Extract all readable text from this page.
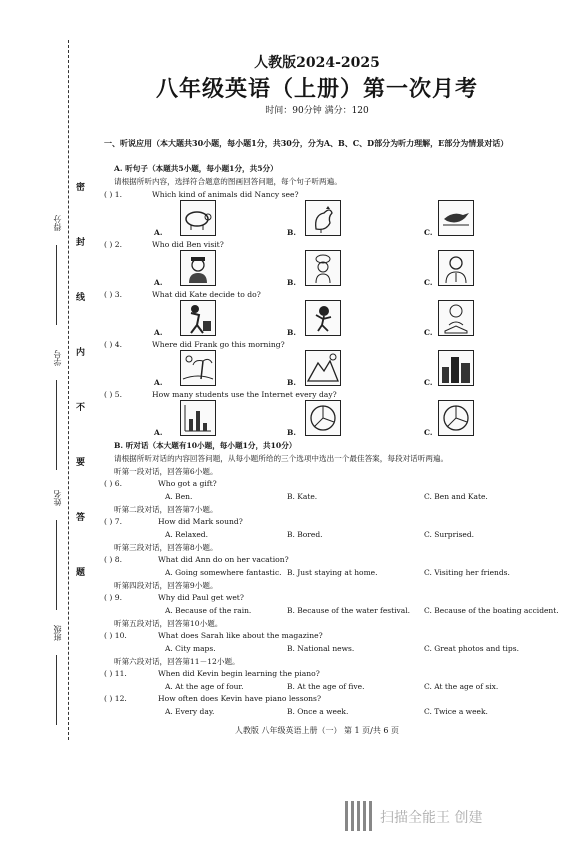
得分
学号
姓名
班级
密
封
线
内
不
要
答
题
人教版2024-2025
八年级英语（上册）第一次月考
时间：90分钟 满分：120
一、听说应用（本大题共30小题，每小题1分，共30分，分为A、B、C、D部分为听力理解，E部分为情景对话）
A. 听句子（本题共5小题，每小题1分，共5分）
请根据所听内容，选择符合题意的图画回答问题，每个句子听两遍。
( ) 1.	Which kind of animals did Nancy see?
A.	B.	C.
( ) 2.	Who did Ben visit?
A.	B.	C.
( ) 3.	What did Kate decide to do?
A.	B.	C.
( ) 4.	Where did Frank go this morning?
A.	B.	C.
( ) 5.	How many students use the Internet every day?
A.	B.	C.
B. 听对话（本大题有10小题，每小题1分，共10分）
请根据所听对话的内容回答问题，从每小题所给的三个选项中选出一个最佳答案，每段对话听两遍。
听第一段对话，回答第6小题。
( ) 6.	Who got a gift?
A. Ben.	B. Kate.	C. Ben and Kate.
听第二段对话，回答第7小题。
( ) 7.	How did Mark sound?
A. Relaxed.	B. Bored.	C. Surprised.
听第三段对话，回答第8小题。
( ) 8.	What did Ann do on her vacation?
A. Going somewhere fantastic. B. Just staying at home.	C. Visiting her friends.
听第四段对话，回答第9小题。
( ) 9.	Why did Paul get wet?
A. Because of the rain.	B. Because of the water festival. C. Because of the boating accident.
听第五段对话，回答第10小题。
( ) 10.	What does Sarah like about the magazine?
A. City maps.	B. National news.	C. Great photos and tips.
听第六段对话，回答第11－12小题。
( ) 11.	When did Kevin begin learning the piano?
A. At the age of four.	B. At the age of five.	C. At the age of six.
( ) 12.	How often does Kevin have piano lessons?
A. Every day.	B. Once a week.	C. Twice a week.
人教版 八年级英语上册（一） 第 1 页/共 6 页
扫描全能王 创建
